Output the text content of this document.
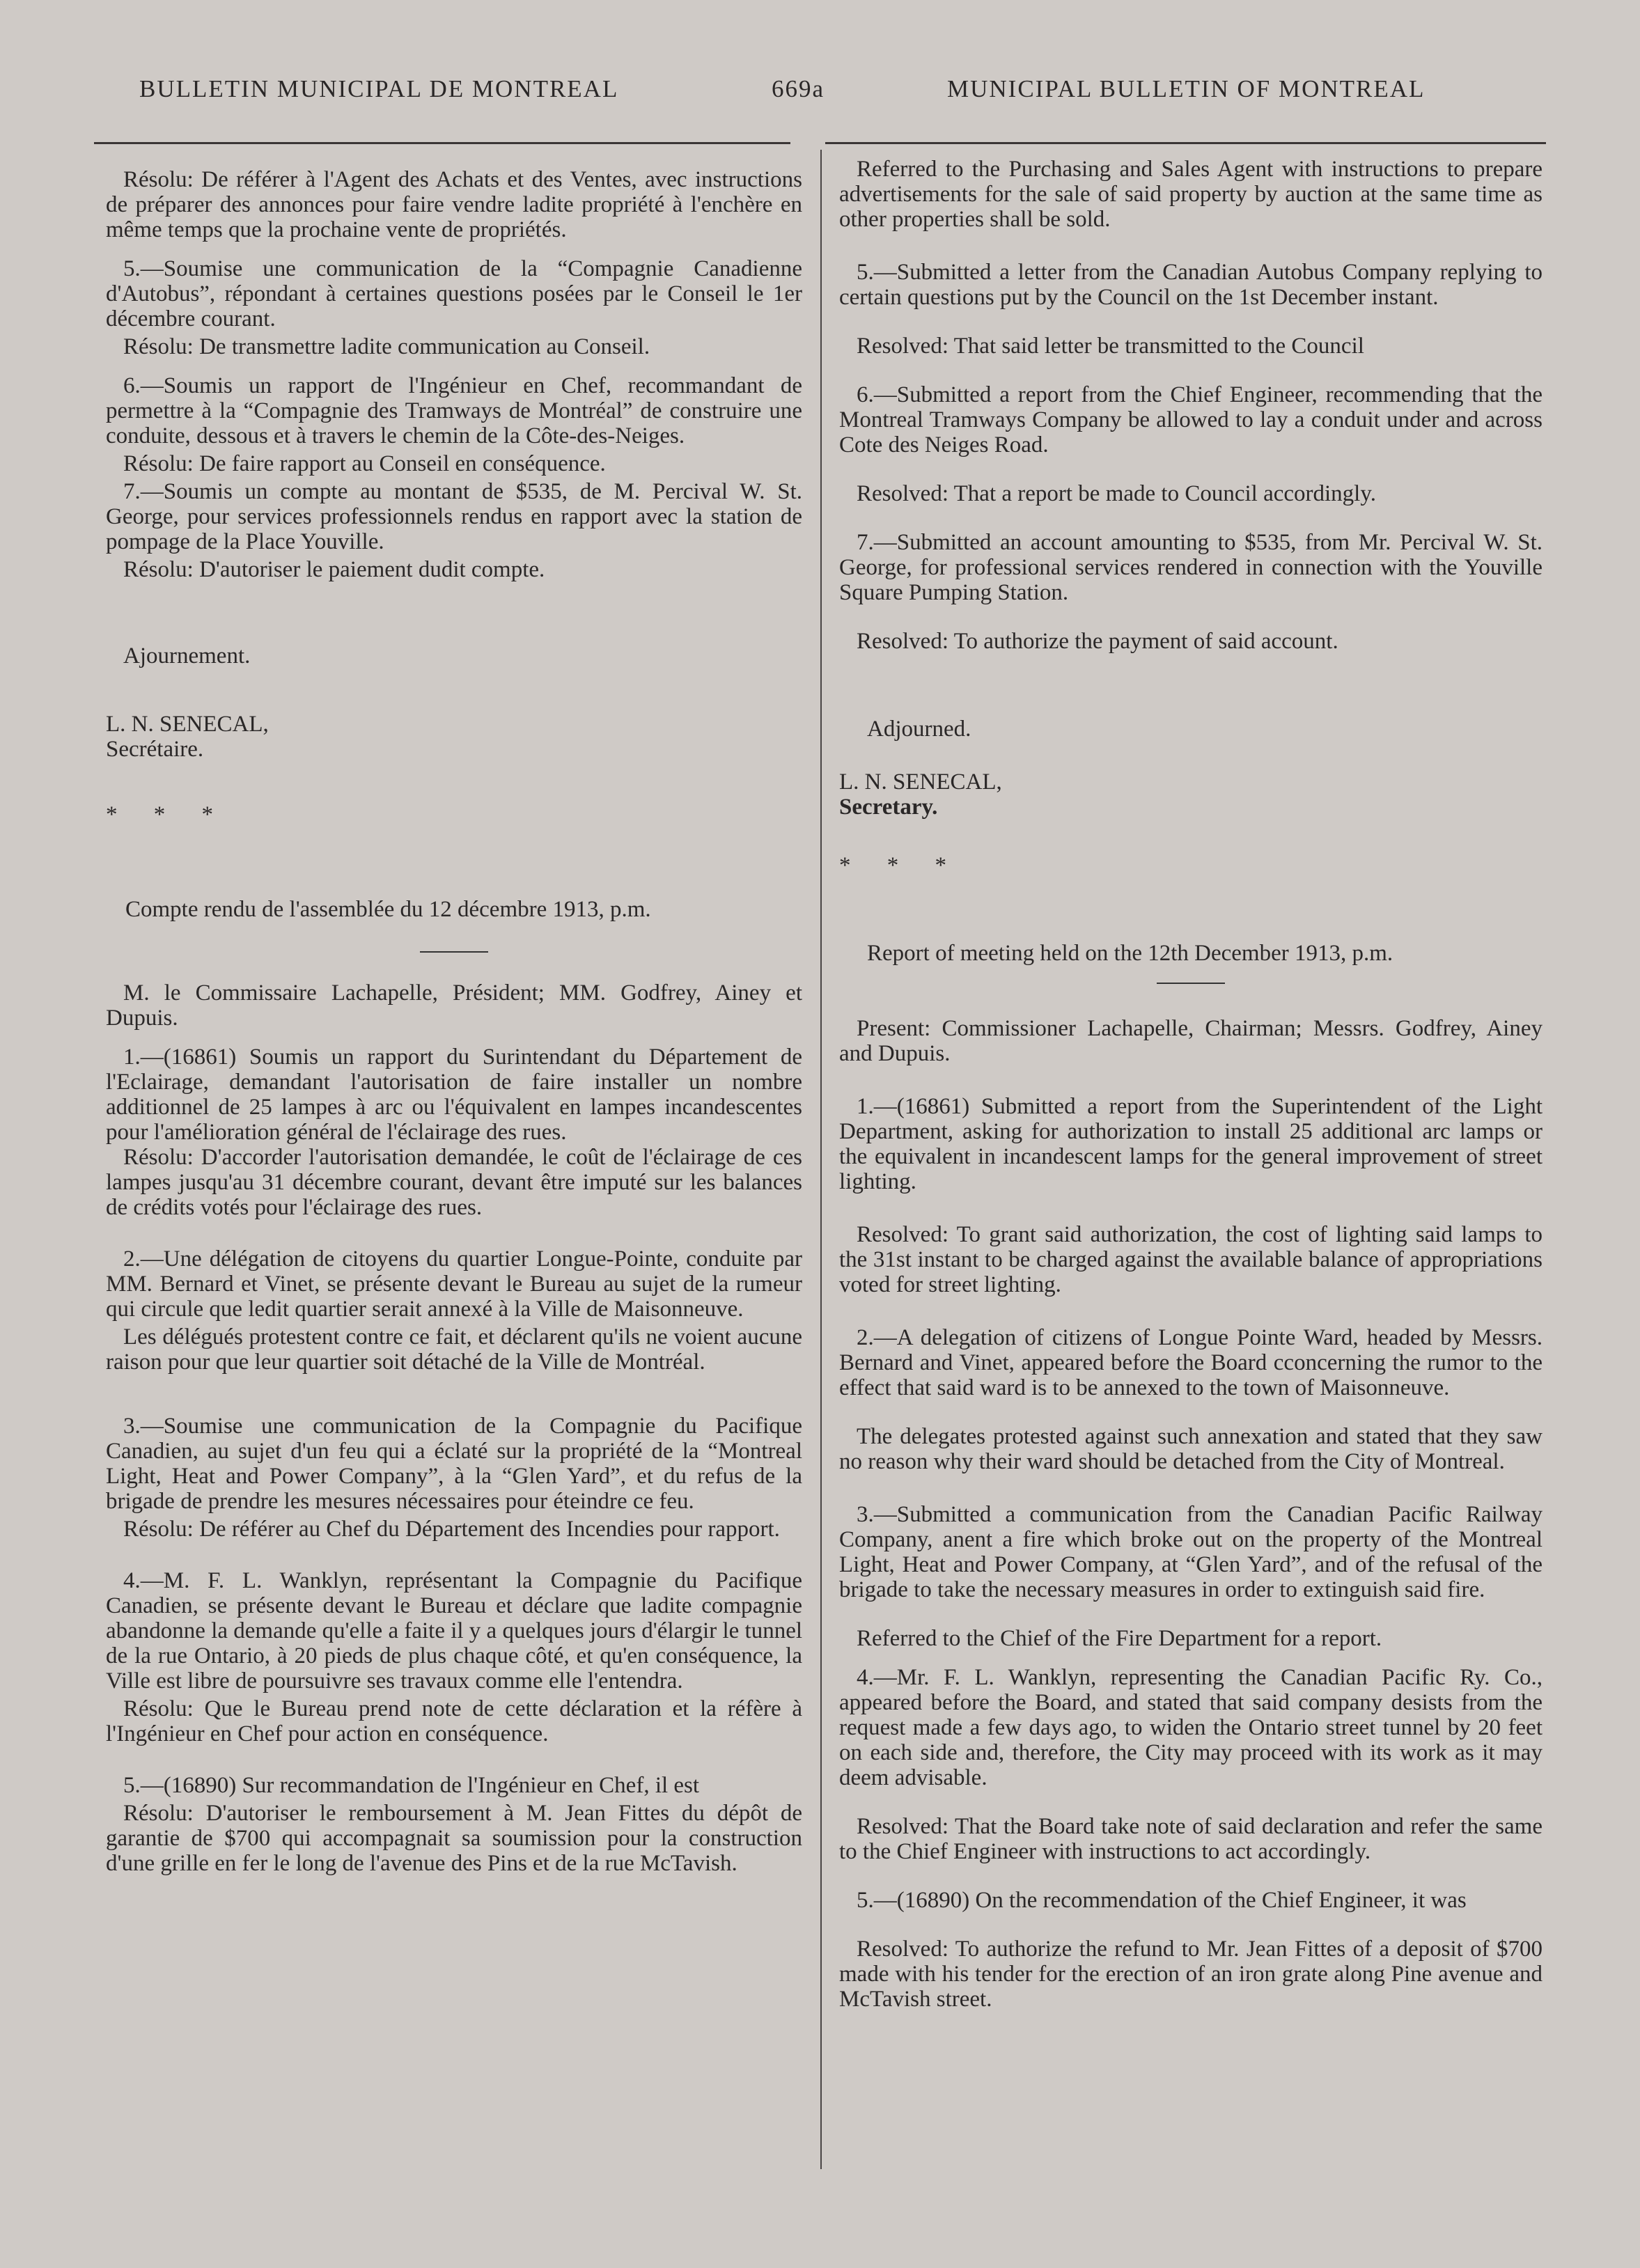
BULLETIN MUNICIPAL DE MONTREAL	669a	MUNICIPAL BULLETIN OF MONTREAL

Résolu: De référer à l'Agent des Achats et des Ventes, avec instructions de préparer des annonces pour faire vendre ladite propriété à l'enchère en même temps que la prochaine vente de propriétés.

5.—Soumise une communication de la “Compagnie Canadienne d'Autobus”, répondant à certaines questions posées par le Conseil le 1er décembre courant.

Résolu: De transmettre ladite communication au Conseil.

6.—Soumis un rapport de l'Ingénieur en Chef, recommandant de permettre à la “Compagnie des Tramways de Montréal” de construire une conduite, dessous et à travers le chemin de la Côte-des-Neiges.

Résolu: De faire rapport au Conseil en conséquence.

7.—Soumis un compte au montant de $535, de M. Percival W. St. George, pour services professionnels rendus en rapport avec la station de pompage de la Place Youville.

Résolu: D'autoriser le paiement dudit compte.

Ajournement.

L. N. SENECAL,

Secrétaire.

* * *

Compte rendu de l'assemblée du 12 décembre 1913, p.m.

M. le Commissaire Lachapelle, Président; MM. Godfrey, Ainey et Dupuis.

1.—(16861) Soumis un rapport du Surintendant du Département de l'Eclairage, demandant l'autorisation de faire installer un nombre additionnel de 25 lampes à arc ou l'équivalent en lampes incandescentes pour l'amélioration général de l'éclairage des rues.

Résolu: D'accorder l'autorisation demandée, le coût de l'éclairage de ces lampes jusqu'au 31 décembre courant, devant être imputé sur les balances de crédits votés pour l'éclairage des rues.

2.—Une délégation de citoyens du quartier Longue-Pointe, conduite par MM. Bernard et Vinet, se présente devant le Bureau au sujet de la rumeur qui circule que ledit quartier serait annexé à la Ville de Maisonneuve.

Les délégués protestent contre ce fait, et déclarent qu'ils ne voient aucune raison pour que leur quartier soit détaché de la Ville de Montréal.

3.—Soumise une communication de la Compagnie du Pacifique Canadien, au sujet d'un feu qui a éclaté sur la propriété de la “Montreal Light, Heat and Power Company”, à la “Glen Yard”, et du refus de la brigade de prendre les mesures nécessaires pour éteindre ce feu.

Résolu: De référer au Chef du Département des Incendies pour rapport.

4.—M. F. L. Wanklyn, représentant la Compagnie du Pacifique Canadien, se présente devant le Bureau et déclare que ladite compagnie abandonne la demande qu'elle a faite il y a quelques jours d'élargir le tunnel de la rue Ontario, à 20 pieds de plus chaque côté, et qu'en conséquence, la Ville est libre de poursuivre ses travaux comme elle l'entendra.

Résolu: Que le Bureau prend note de cette déclaration et la réfère à l'Ingénieur en Chef pour action en conséquence.

5.—(16890) Sur recommandation de l'Ingénieur en Chef, il est

Résolu: D'autoriser le remboursement à M. Jean Fittes du dépôt de garantie de $700 qui accompagnait sa soumission pour la construction d'une grille en fer le long de l'avenue des Pins et de la rue McTavish.

Referred to the Purchasing and Sales Agent with instructions to prepare advertisements for the sale of said property by auction at the same time as other properties shall be sold.

5.—Submitted a letter from the Canadian Autobus Company replying to certain questions put by the Council on the 1st December instant.

Resolved: That said letter be transmitted to the Council

6.—Submitted a report from the Chief Engineer, recommending that the Montreal Tramways Company be allowed to lay a conduit under and across Cote des Neiges Road.

Resolved: That a report be made to Council accordingly.

7.—Submitted an account amounting to $535, from Mr. Percival W. St. George, for professional services rendered in connection with the Youville Square Pumping Station.

Resolved: To authorize the payment of said account.

Adjourned.

L. N. SENECAL,

Secretary.

* * *

Report of meeting held on the 12th December 1913, p.m.

Present: Commissioner Lachapelle, Chairman; Messrs. Godfrey, Ainey and Dupuis.

1.—(16861) Submitted a report from the Superintendent of the Light Department, asking for authorization to install 25 additional arc lamps or the equivalent in incandescent lamps for the general improvement of street lighting.

Resolved: To grant said authorization, the cost of lighting said lamps to the 31st instant to be charged against the available balance of appropriations voted for street lighting.

2.—A delegation of citizens of Longue Pointe Ward, headed by Messrs. Bernard and Vinet, appeared before the Board cconcerning the rumor to the effect that said ward is to be annexed to the town of Maisonneuve.

The delegates protested against such annexation and stated that they saw no reason why their ward should be detached from the City of Montreal.

3.—Submitted a communication from the Canadian Pacific Railway Company, anent a fire which broke out on the property of the Montreal Light, Heat and Power Company, at “Glen Yard”, and of the refusal of the brigade to take the necessary measures in order to extinguish said fire.

Referred to the Chief of the Fire Department for a report.

4.—Mr. F. L. Wanklyn, representing the Canadian Pacific Ry. Co., appeared before the Board, and stated that said company desists from the request made a few days ago, to widen the Ontario street tunnel by 20 feet on each side and, therefore, the City may proceed with its work as it may deem advisable.

Resolved: That the Board take note of said declaration and refer the same to the Chief Engineer with instructions to act accordingly.

5.—(16890) On the recommendation of the Chief Engineer, it was

Resolved: To authorize the refund to Mr. Jean Fittes of a deposit of $700 made with his tender for the erection of an iron grate along Pine avenue and McTavish street.
